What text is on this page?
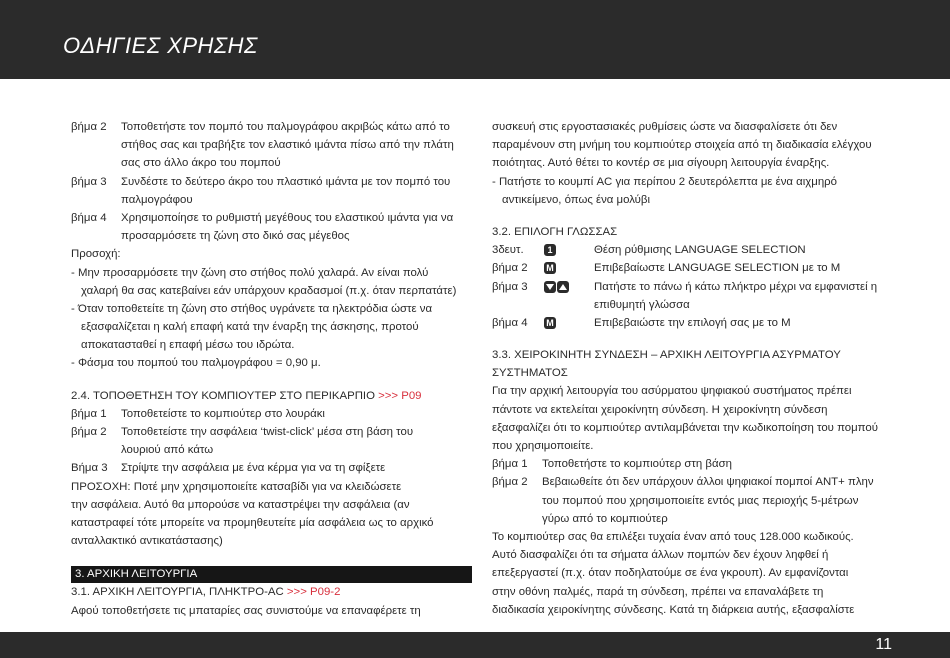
ΟΔΗΓΙΕΣ ΧΡΗΣΗΣ
βήμα 2	Τοποθετήστε τον πομπό του παλμογράφου ακριβώς κάτω από το
στήθος σας και τραβήξτε τον ελαστικό ιμάντα πίσω από την πλάτη
σας στο άλλο άκρο του πομπού
βήμα 3	Συνδέστε το δεύτερο άκρο του πλαστικό ιμάντα με τον πομπό του
παλμογράφου
βήμα 4	Χρησιμοποίησε το ρυθμιστή μεγέθους του ελαστικού ιμάντα για να
προσαρμόσετε τη ζώνη στο δικό σας μέγεθος
Προσοχή:
- Μην προσαρμόσετε την ζώνη στο στήθος πολύ χαλαρά. Αν είναι πολύ
χαλαρή θα σας κατεβαίνει εάν υπάρχουν κραδασμοί (π.χ. όταν περπατάτε)
- Όταν τοποθετείτε τη ζώνη στο στήθος υγράνετε τα ηλεκτρόδια ώστε να
εξασφαλίζεται η καλή επαφή κατά την έναρξη της άσκησης, προτού
αποκατασταθεί η επαφή μέσω του ιδρώτα.
- Φάσμα του πομπού του παλμογράφου = 0,90 μ.
2.4. ΤΟΠΟΘΕΤΗΣΗ ΤΟΥ ΚΟΜΠΙΟΥΤΕΡ ΣΤΟ ΠΕΡΙΚΑΡΠΙΟ >>> P09
βήμα 1	Τοποθετείστε το κομπιούτερ στο λουράκι
βήμα 2	Τοποθετείστε την ασφάλεια ‘twist-click’ μέσα στη βάση του
λουριού από κάτω
Βήμα 3	Στρίψτε την ασφάλεια με ένα κέρμα για να τη σφίξετε
ΠΡΟΣΟΧΗ: Ποτέ μην χρησιμοποιείτε κατσαβίδι για να κλειδώσετε
την ασφάλεια. Αυτό θα μπορούσε να καταστρέψει την ασφάλεια (αν
καταστραφεί τότε μπορείτε να προμηθευτείτε μία ασφάλεια ως το αρχικό
ανταλλακτικό αντικατάστασης)
3. ΑΡΧΙΚΗ ΛΕΙΤΟΥΡΓΙΑ
3.1. ΑΡΧΙΚΗ ΛΕΙΤΟΥΡΓΙΑ, ΠΛΗΚΤΡΟ-AC >>> P09-2
Αφού τοποθετήσετε τις μπαταρίες σας συνιστούμε να επαναφέρετε τη
συσκευή στις εργοστασιακές ρυθμίσεις ώστε να διασφαλίσετε ότι δεν
παραμένουν στη μνήμη του κομπιούτερ στοιχεία από τη διαδικασία ελέγχου
ποιότητας. Αυτό θέτει το κοντέρ σε μια σίγουρη λειτουργία έναρξης.
- Πατήστε το κουμπί AC για περίπου 2 δευτερόλεπτα με ένα αιχμηρό
αντικείμενο, όπως ένα μολύβι
3.2. ΕΠΙΛΟΓΗ ΓΛΩΣΣΑΣ
3δευτ.	1	Θέση ρύθμισης LANGUAGE SELECTION
βήμα 2	M	Επιβεβαίωστε LANGUAGE SELECTION με το M
βήμα 3	Πατήστε το πάνω ή κάτω πλήκτρο μέχρι να εμφανιστεί η
επιθυμητή γλώσσα
βήμα 4	M	Επιβεβαιώστε την επιλογή σας με το M
3.3. ΧΕΙΡΟΚΙΝΗΤΗ ΣΥΝΔΕΣΗ – ΑΡΧΙΚΗ ΛΕΙΤΟΥΡΓΙΑ ΑΣΥΡΜΑΤΟΥ
ΣΥΣΤΗΜΑΤΟΣ
Για την αρχική λειτουργία του ασύρματου ψηφιακού συστήματος πρέπει
πάντοτε να εκτελείται χειροκίνητη σύνδεση. Η χειροκίνητη σύνδεση
εξασφαλίζει ότι το κομπιούτερ αντιλαμβάνεται την κωδικοποίηση του πομπού
που χρησιμοποιείτε.
βήμα 1	Τοποθετήστε το κομπιούτερ στη βάση
βήμα 2	Βεβαιωθείτε ότι δεν υπάρχουν άλλοι ψηφιακοί πομποί ANT+ πλην
του πομπού που χρησιμοποιείτε εντός μιας περιοχής 5-μέτρων
γύρω από το κομπιούτερ
Το κομπιούτερ σας θα επιλέξει τυχαία έναν από τους 128.000 κωδικούς.
Αυτό διασφαλίζει ότι τα σήματα άλλων πομπών δεν έχουν ληφθεί ή
επεξεργαστεί (π.χ. όταν ποδηλατούμε σε ένα γκρουπ). Αν εμφανίζονται
στην οθόνη παλμές, παρά τη σύνδεση, πρέπει να επαναλάβετε τη
διαδικασία χειροκίνητης σύνδεσης. Κατά τη διάρκεια αυτής, εξασφαλίστε
11
